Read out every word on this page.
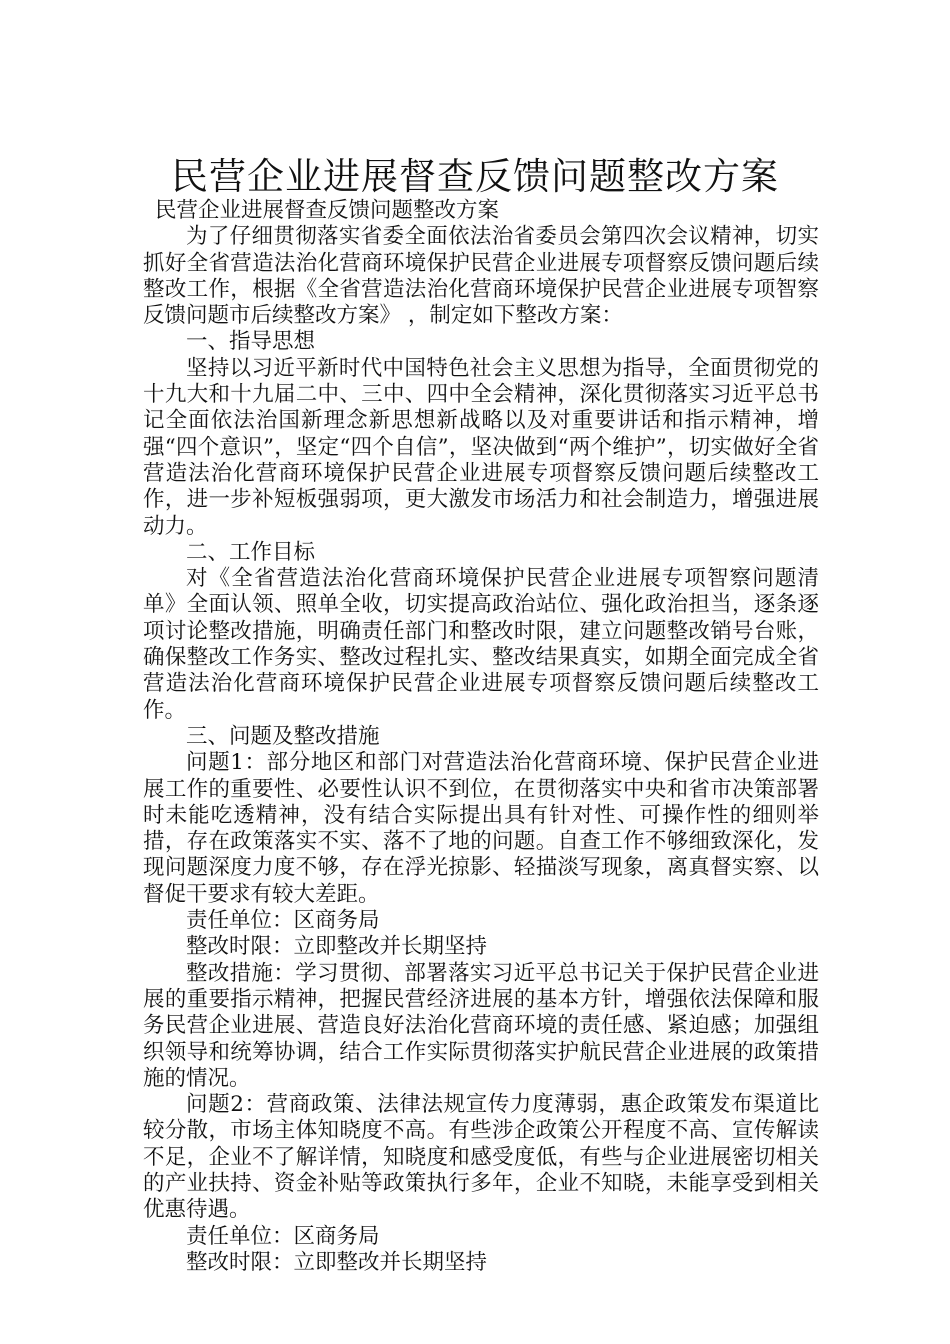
民营企业进展督查反馈问题整改方案

民营企业进展督查反馈问题整改方案

为了仔细贯彻落实省委全面依法治省委员会第四次会议精神，切实抓好全省营造法治化营商环境保护民营企业进展专项督察反馈问题后续整改工作，根据《全省营造法治化营商环境保护民营企业进展专项智察反馈问题市后续整改方案》 ，制定如下整改方案：

一、指导思想

坚持以习近平新时代中国特色社会主义思想为指导，全面贯彻党的十九大和十九届二中、三中、四中全会精神，深化贯彻落实习近平总书记全面依法治国新理念新思想新战略以及对重要讲话和指示精神，增强“四个意识”，坚定“四个自信”，坚决做到“两个维护”，切实做好全省营造法治化营商环境保护民营企业进展专项督察反馈问题后续整改工作，进一步补短板强弱项，更大激发市场活力和社会制造力，增强进展动力。

二、工作目标

对《全省营造法治化营商环境保护民营企业进展专项智察问题清单》全面认领、照单全收，切实提高政治站位、强化政治担当，逐条逐项讨论整改措施，明确责任部门和整改时限，建立问题整改销号台账，确保整改工作务实、整改过程扎实、整改结果真实，如期全面完成全省营造法治化营商环境保护民营企业进展专项督察反馈问题后续整改工作。

三、问题及整改措施

问题1：部分地区和部门对营造法治化营商环境、保护民营企业进展工作的重要性、必要性认识不到位，在贯彻落实中央和省市决策部署时未能吃透精神，没有结合实际提出具有针对性、可操作性的细则举措，存在政策落实不实、落不了地的问题。自查工作不够细致深化，发现问题深度力度不够，存在浮光掠影、轻描淡写现象，离真督实察、以督促干要求有较大差距。

责任单位：区商务局

整改时限：立即整改并长期坚持

整改措施：学习贯彻、部署落实习近平总书记关于保护民营企业进展的重要指示精神，把握民营经济进展的基本方针，增强依法保障和服务民营企业进展、营造良好法治化营商环境的责任感、紧迫感；加强组织领导和统筹协调，结合工作实际贯彻落实护航民营企业进展的政策措施的情况。

问题2：营商政策、法律法规宣传力度薄弱，惠企政策发布渠道比较分散，市场主体知晓度不高。有些涉企政策公开程度不高、宣传解读不足，企业不了解详情，知晓度和感受度低，有些与企业进展密切相关的产业扶持、资金补贴等政策执行多年，企业不知晓，未能享受到相关优惠待遇。

责任单位：区商务局

整改时限：立即整改并长期坚持
